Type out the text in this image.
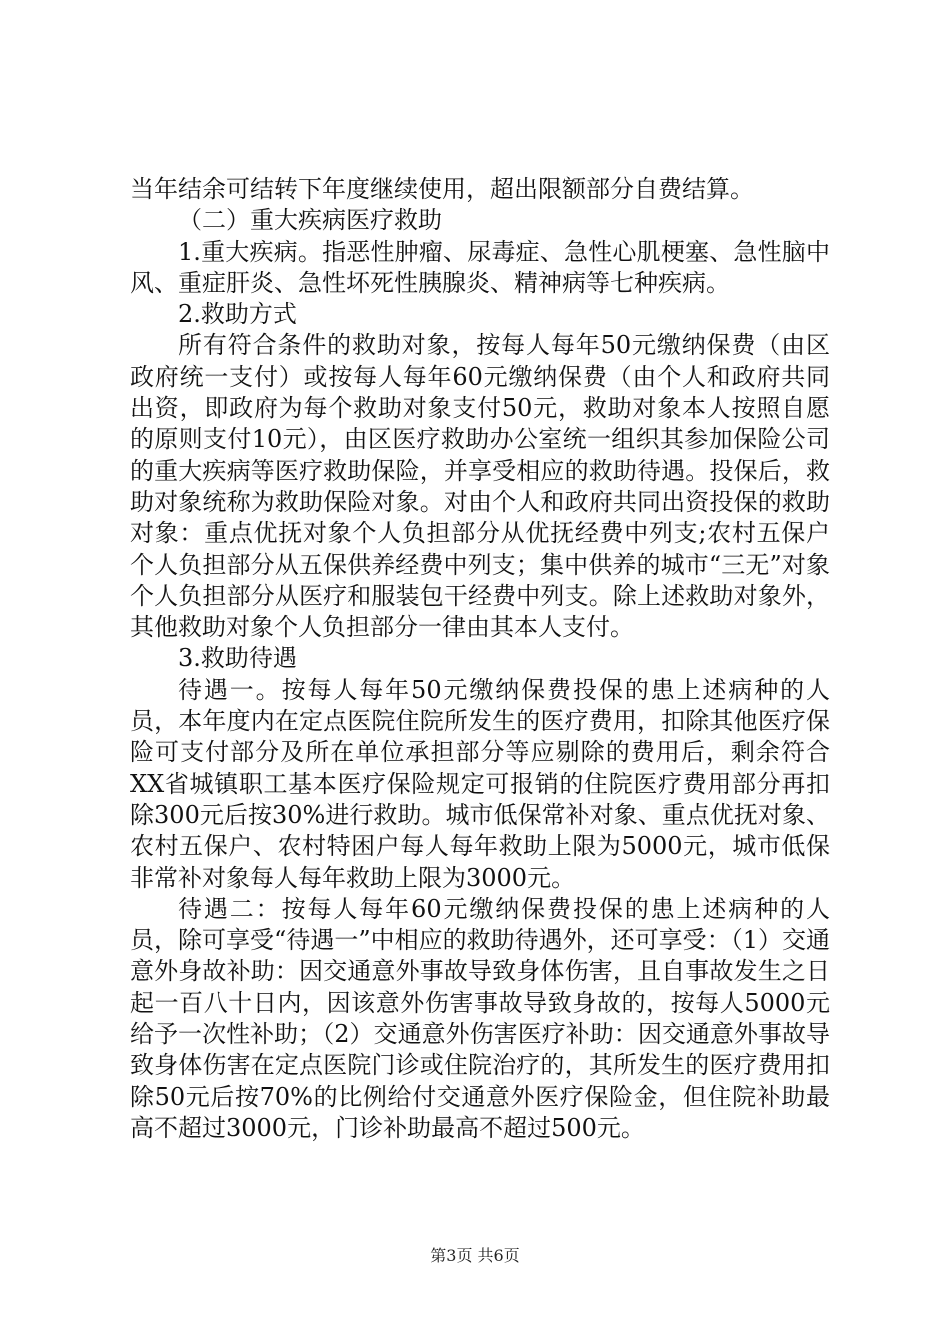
当年结余可结转下年度继续使用，超出限额部分自费结算。

（二）重大疾病医疗救助

1.重大疾病。指恶性肿瘤、尿毒症、急性心肌梗塞、急性脑中风、重症肝炎、急性坏死性胰腺炎、精神病等七种疾病。

2.救助方式

所有符合条件的救助对象，按每人每年50元缴纳保费（由区政府统一支付）或按每人每年60元缴纳保费（由个人和政府共同出资，即政府为每个救助对象支付50元，救助对象本人按照自愿的原则支付10元），由区医疗救助办公室统一组织其参加保险公司的重大疾病等医疗救助保险，并享受相应的救助待遇。投保后，救助对象统称为救助保险对象。对由个人和政府共同出资投保的救助对象：重点优抚对象个人负担部分从优抚经费中列支;农村五保户个人负担部分从五保供养经费中列支；集中供养的城市“三无”对象个人负担部分从医疗和服装包干经费中列支。除上述救助对象外，其他救助对象个人负担部分一律由其本人支付。

3.救助待遇

待遇一。按每人每年50元缴纳保费投保的患上述病种的人员，本年度内在定点医院住院所发生的医疗费用，扣除其他医疗保险可支付部分及所在单位承担部分等应剔除的费用后，剩余符合XX省城镇职工基本医疗保险规定可报销的住院医疗费用部分再扣除300元后按30%进行救助。城市低保常补对象、重点优抚对象、农村五保户、农村特困户每人每年救助上限为5000元，城市低保非常补对象每人每年救助上限为3000元。

待遇二：按每人每年60元缴纳保费投保的患上述病种的人员，除可享受“待遇一”中相应的救助待遇外，还可享受：（1）交通意外身故补助：因交通意外事故导致身体伤害，且自事故发生之日起一百八十日内，因该意外伤害事故导致身故的，按每人5000元给予一次性补助；（2）交通意外伤害医疗补助：因交通意外事故导致身体伤害在定点医院门诊或住院治疗的，其所发生的医疗费用扣除50元后按70%的比例给付交通意外医疗保险金，但住院补助最高不超过3000元，门诊补助最高不超过500元。

第3页 共6页
